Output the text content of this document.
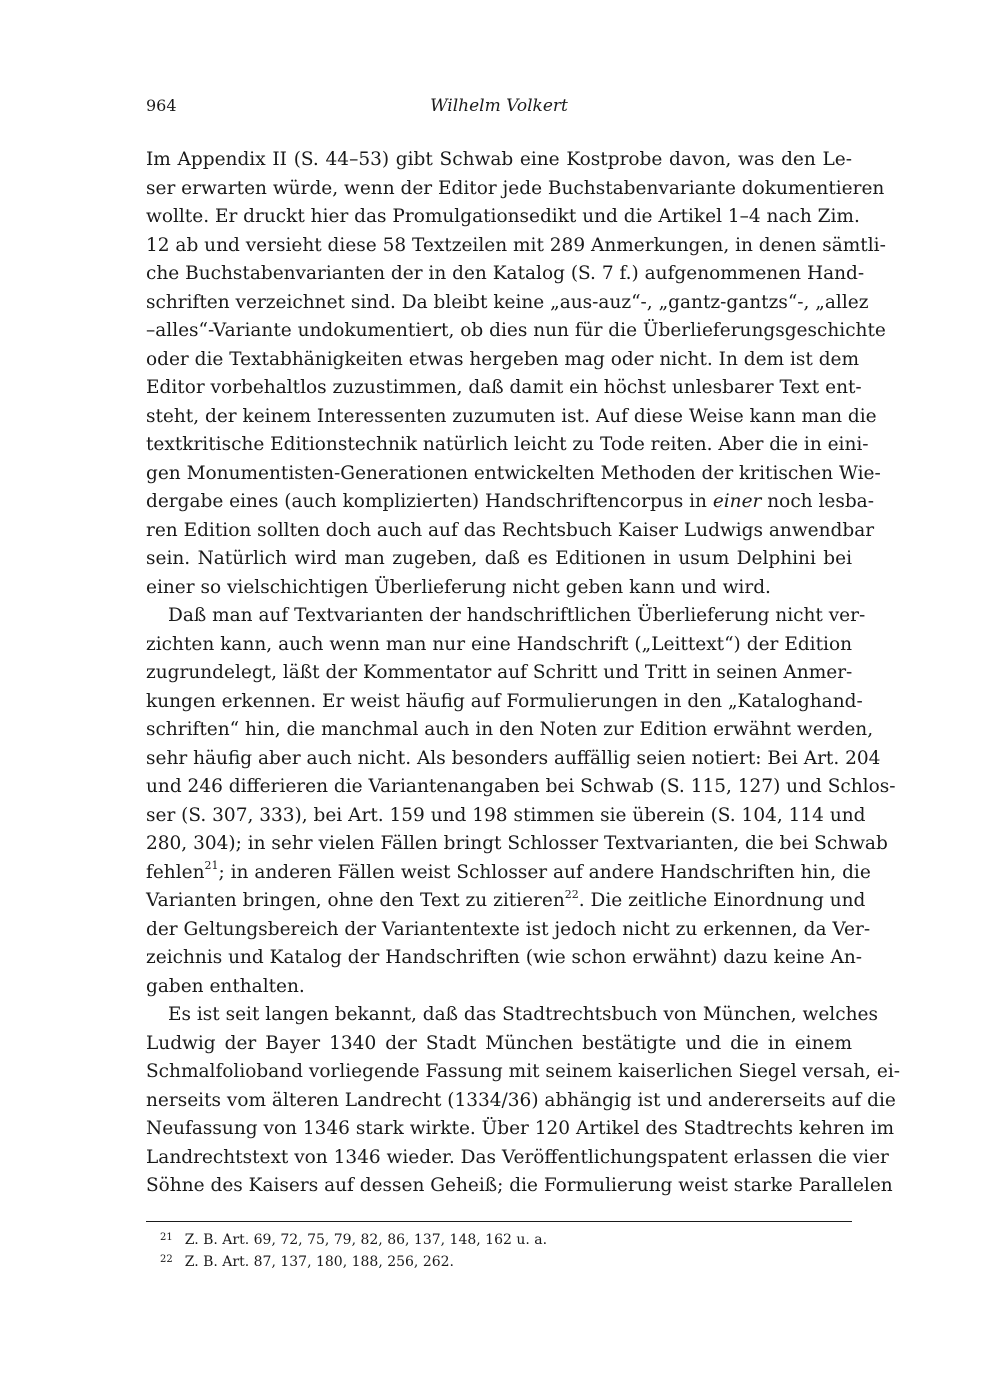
964	Wilhelm Volkert
Im Appendix II (S. 44–53) gibt Schwab eine Kostprobe davon, was den Le-
ser erwarten würde, wenn der Editor jede Buchstabenvariante dokumentieren
wollte. Er druckt hier das Promulgationsedikt und die Artikel 1–4 nach Zim.
12 ab und versieht diese 58 Textzeilen mit 289 Anmerkungen, in denen sämtli-
che Buchstabenvarianten der in den Katalog (S. 7 f.) aufgenommenen Hand-
schriften verzeichnet sind. Da bleibt keine „aus-auz“-, „gantz-gantzs“-, „allez
–alles“-Variante undokumentiert, ob dies nun für die Überlieferungsgeschichte
oder die Textabhänigkeiten etwas hergeben mag oder nicht. In dem ist dem
Editor vorbehaltlos zuzustimmen, daß damit ein höchst unlesbarer Text ent-
steht, der keinem Interessenten zuzumuten ist. Auf diese Weise kann man die
textkritische Editionstechnik natürlich leicht zu Tode reiten. Aber die in eini-
gen Monumentisten-Generationen entwickelten Methoden der kritischen Wie-
dergabe eines (auch komplizierten) Handschriftencorpus in einer noch lesba-
ren Edition sollten doch auch auf das Rechtsbuch Kaiser Ludwigs anwendbar
sein. Natürlich wird man zugeben, daß es Editionen in usum Delphini bei
einer so vielschichtigen Überlieferung nicht geben kann und wird.
Daß man auf Textvarianten der handschriftlichen Überlieferung nicht ver-
zichten kann, auch wenn man nur eine Handschrift („Leittext“) der Edition
zugrundelegt, läßt der Kommentator auf Schritt und Tritt in seinen Anmer-
kungen erkennen. Er weist häufig auf Formulierungen in den „Kataloghand-
schriften“ hin, die manchmal auch in den Noten zur Edition erwähnt werden,
sehr häufig aber auch nicht. Als besonders auffällig seien notiert: Bei Art. 204
und 246 differieren die Variantenangaben bei Schwab (S. 115, 127) und Schlos-
ser (S. 307, 333), bei Art. 159 und 198 stimmen sie überein (S. 104, 114 und
280, 304); in sehr vielen Fällen bringt Schlosser Textvarianten, die bei Schwab
fehlen$^{21}$; in anderen Fällen weist Schlosser auf andere Handschriften hin, die
Varianten bringen, ohne den Text zu zitieren$^{22}$. Die zeitliche Einordnung und
der Geltungsbereich der Variantentexte ist jedoch nicht zu erkennen, da Ver-
zeichnis und Katalog der Handschriften (wie schon erwähnt) dazu keine An-
gaben enthalten.
Es ist seit langen bekannt, daß das Stadtrechtsbuch von München, welches
Ludwig der Bayer 1340 der Stadt München bestätigte und die in einem
Schmalfolioband vorliegende Fassung mit seinem kaiserlichen Siegel versah, ei-
nerseits vom älteren Landrecht (1334/36) abhängig ist und andererseits auf die
Neufassung von 1346 stark wirkte. Über 120 Artikel des Stadtrechts kehren im
Landrechtstext von 1346 wieder. Das Veröffentlichungspatent erlassen die vier
Söhne des Kaisers auf dessen Geheiß; die Formulierung weist starke Parallelen
$^{21}$ Z. B. Art. 69, 72, 75, 79, 82, 86, 137, 148, 162 u. a.
$^{22}$ Z. B. Art. 87, 137, 180, 188, 256, 262.
